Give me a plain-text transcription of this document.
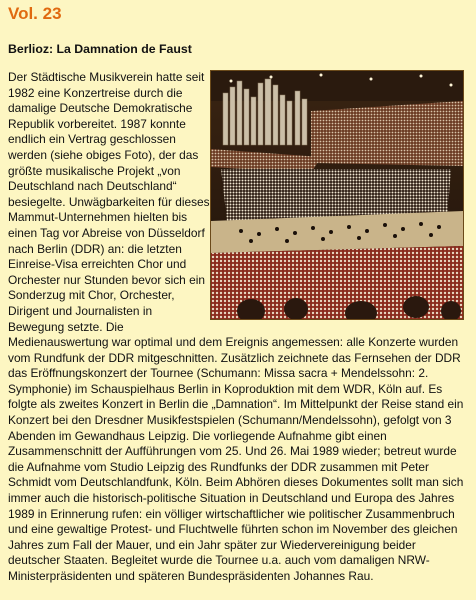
Vol. 23
Berlioz: La Damnation de Faust

Der Städtische Musikverein hatte seit 1982 eine Konzertreise durch die damalige Deutsche Demokratische Republik vorbereitet. 1987 konnte endlich ein Vertrag geschlossen werden (siehe obiges Foto), der das größte musikalische Projekt „von Deutschland nach Deutschland“ besiegelte. Unwägbarkeiten für dieses Mammut-Unternehmen hielten bis einen Tag vor Abreise von Düsseldorf nach Berlin (DDR) an: die letzten Einreise-Visa erreichten Chor und Orchester nur Stunden bevor sich ein Sonderzug mit Chor, Orchester, Dirigent und Journalisten in Bewegung setzte. Die Medienauswertung war optimal und dem Ereignis angemessen: alle Konzerte wurden vom Rundfunk der DDR mitgeschnitten. Zusätzlich zeichnete das Fernsehen der DDR das Eröffnungskonzert der Tournee (Schumann: Missa sacra + Mendelssohn: 2. Symphonie) im Schauspielhaus Berlin in Koproduktion mit dem WDR, Köln auf. Es folgte als zweites Konzert in Berlin die „Damnation“. Im Mittelpunkt der Reise stand ein Konzert bei den Dresdner Musikfestspielen (Schumann/Mendelssohn), gefolgt von 3 Abenden im Gewandhaus Leipzig. Die vorliegende Aufnahme gibt einen Zusammenschnitt der Aufführungen vom 25. Und 26. Mai 1989 wieder; betreut wurde die Aufnahme vom Studio Leipzig des Rundfunks der DDR zusammen mit Peter Schmidt vom Deutschlandfunk, Köln. Beim Abhören dieses Dokumentes sollt man sich immer auch die historisch-politische Situation in Deutschland und Europa des Jahres 1989 in Erinnerung rufen: ein völliger wirtschaftlicher wie politischer Zusammenbruch und eine gewaltige Protest- und Fluchtwelle führten schon im November des gleichen Jahres zum Fall der Mauer, und ein Jahr später zur Wiedervereinigung beider deutscher Staaten. Begleitet wurde die Tournee u.a. auch vom damaligen NRW-Ministerpräsidenten und späteren Bundespräsidenten Johannes Rau.
